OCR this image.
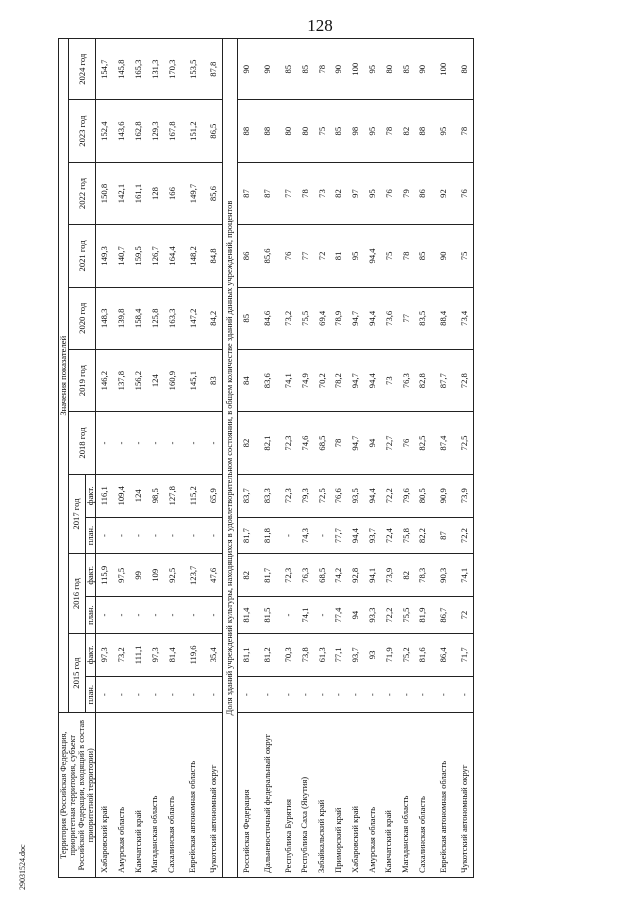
128
29031524.doc
Территория (Российская Федерация, приоритетная территория, субъект Российской Федерации, входящий в состав приоритетной территории)	Значения показателей												
	2015 год		2016 год		2017 год		2018 год	2019 год	2020 год	2021 год	2022 год	2023 год	2024 год
	план.	факт.	план.	факт.	план.	факт.							
Хабаровский край	-	97,3	-	115,9	-	116,1	-	146,2	148,3	149,3	150,8	152,4	154,7
Амурская область	-	73,2	-	97,5	-	109,4	-	137,8	139,8	140,7	142,1	143,6	145,8
Камчатский край	-	111,1	-	99	-	124	-	156,2	158,4	159,5	161,1	162,8	165,3
Магаданская область	-	97,3	-	109	-	98,5	-	124	125,8	126,7	128	129,3	131,3
Сахалинская область	-	81,4	-	92,5	-	127,8	-	160,9	163,3	164,4	166	167,8	170,3
Еврейская автономная область	-	119,6	-	123,7	-	115,2	-	145,1	147,2	148,2	149,7	151,2	153,5
Чукотский автономный округ	-	35,4	-	47,6	-	65,9	-	83	84,2	84,8	85,6	86,5	87,8
Доля зданий учреждений культуры, находящихся в удовлетворительном состоянии, в общем количестве зданий данных учреждений, процентов													
Российская Федерация	-	81,1	81,4	82	81,7	83,7	82	84	85	86	87	88	90
Дальневосточный федеральный округ	-	81,2	81,5	81,7	81,8	83,3	82,1	83,6	84,6	85,6	87	88	90
Республика Бурятия	-	70,3	-	72,3	-	72,3	72,3	74,1	73,2	76	77	80	85
Республика Саха (Якутия)	-	73,8	74,1	76,3	74,3	79,3	74,6	74,9	75,5	77	78	80	85
Забайкальский край	-	61,3	-	68,5	-	72,5	68,5	70,2	69,4	72	73	75	78
Приморский край	-	77,1	77,4	74,2	77,7	76,6	78	78,2	78,9	81	82	85	90
Хабаровский край	-	93,7	94	92,8	94,4	93,5	94,7	94,7	94,7	95	97	98	100
Амурская область	-	93	93,3	94,1	93,7	94,4	94	94,4	94,4	94,4	95	95	95
Камчатский край	-	71,9	72,2	73,9	72,4	72,2	72,7	73	73,6	75	76	78	80
Магаданская область	-	75,2	75,5	82	75,8	79,6	76	76,3	77	78	79	82	85
Сахалинская область	-	81,6	81,9	78,3	82,2	80,5	82,5	82,8	83,5	85	86	88	90
Еврейская автономная область	-	86,4	86,7	90,3	87	90,9	87,4	87,7	88,4	90	92	95	100
Чукотский автономный округ	-	71,7	72	74,1	72,2	73,9	72,5	72,8	73,4	75	76	78	80
